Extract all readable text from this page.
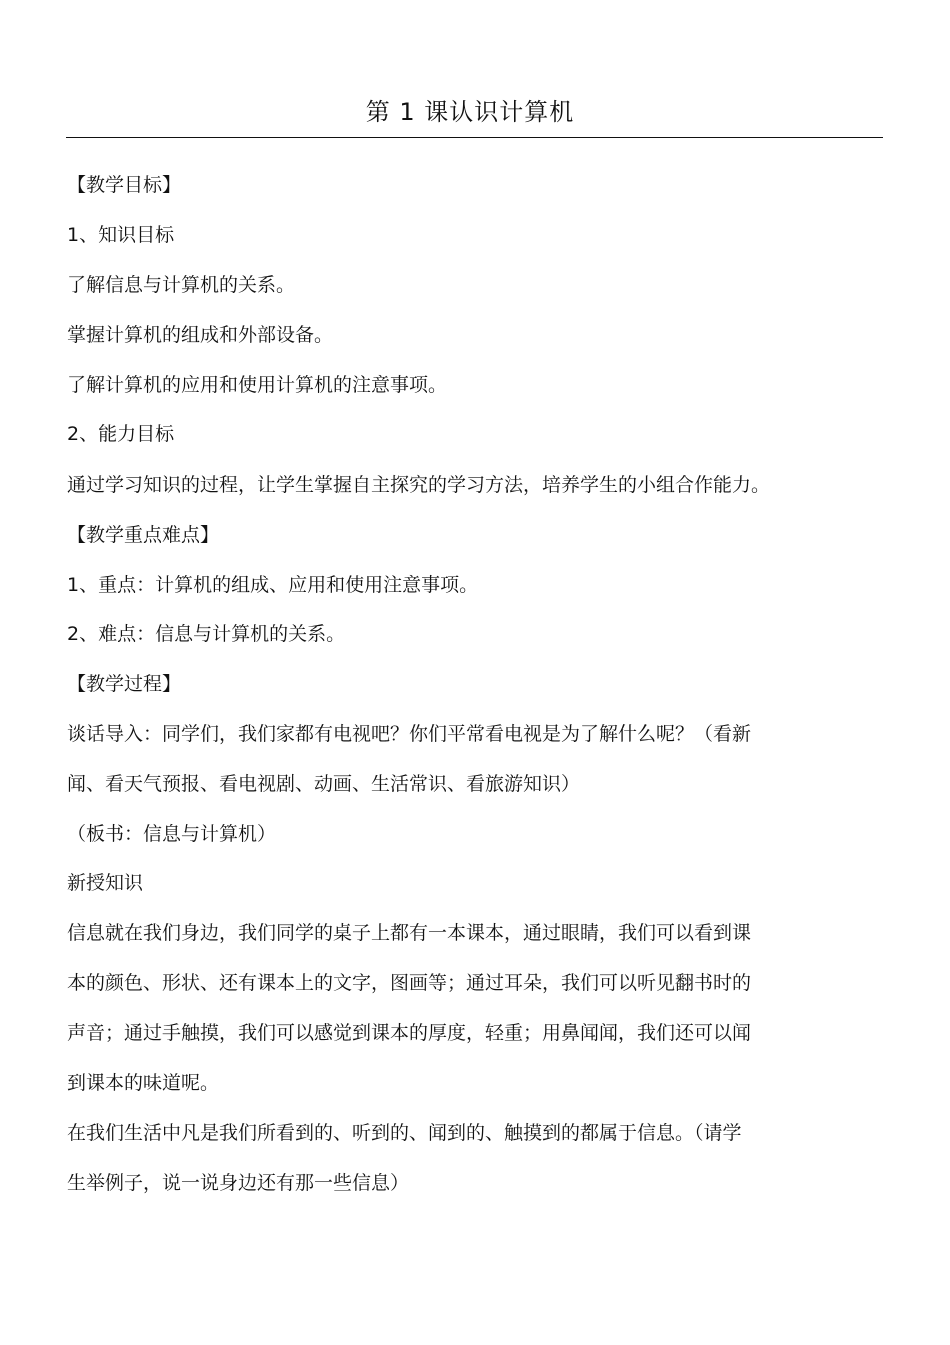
第 1 课认识计算机
【教学目标】
1、知识目标
了解信息与计算机的关系。
掌握计算机的组成和外部设备。
了解计算机的应用和使用计算机的注意事项。
2、能力目标
通过学习知识的过程，让学生掌握自主探究的学习方法，培养学生的小组合作能力。
【教学重点难点】
1、重点：计算机的组成、应用和使用注意事项。
2、难点：信息与计算机的关系。
【教学过程】
谈话导入：同学们，我们家都有电视吧？你们平常看电视是为了解什么呢？（看新
闻、看天气预报、看电视剧、动画、生活常识、看旅游知识）
（板书：信息与计算机）
新授知识
信息就在我们身边，我们同学的桌子上都有一本课本，通过眼睛，我们可以看到课
本的颜色、形状、还有课本上的文字，图画等；通过耳朵，我们可以听见翻书时的
声音；通过手触摸，我们可以感觉到课本的厚度，轻重；用鼻闻闻，我们还可以闻
到课本的味道呢。
在我们生活中凡是我们所看到的、听到的、闻到的、触摸到的都属于信息。（请学
生举例子，说一说身边还有那一些信息）
